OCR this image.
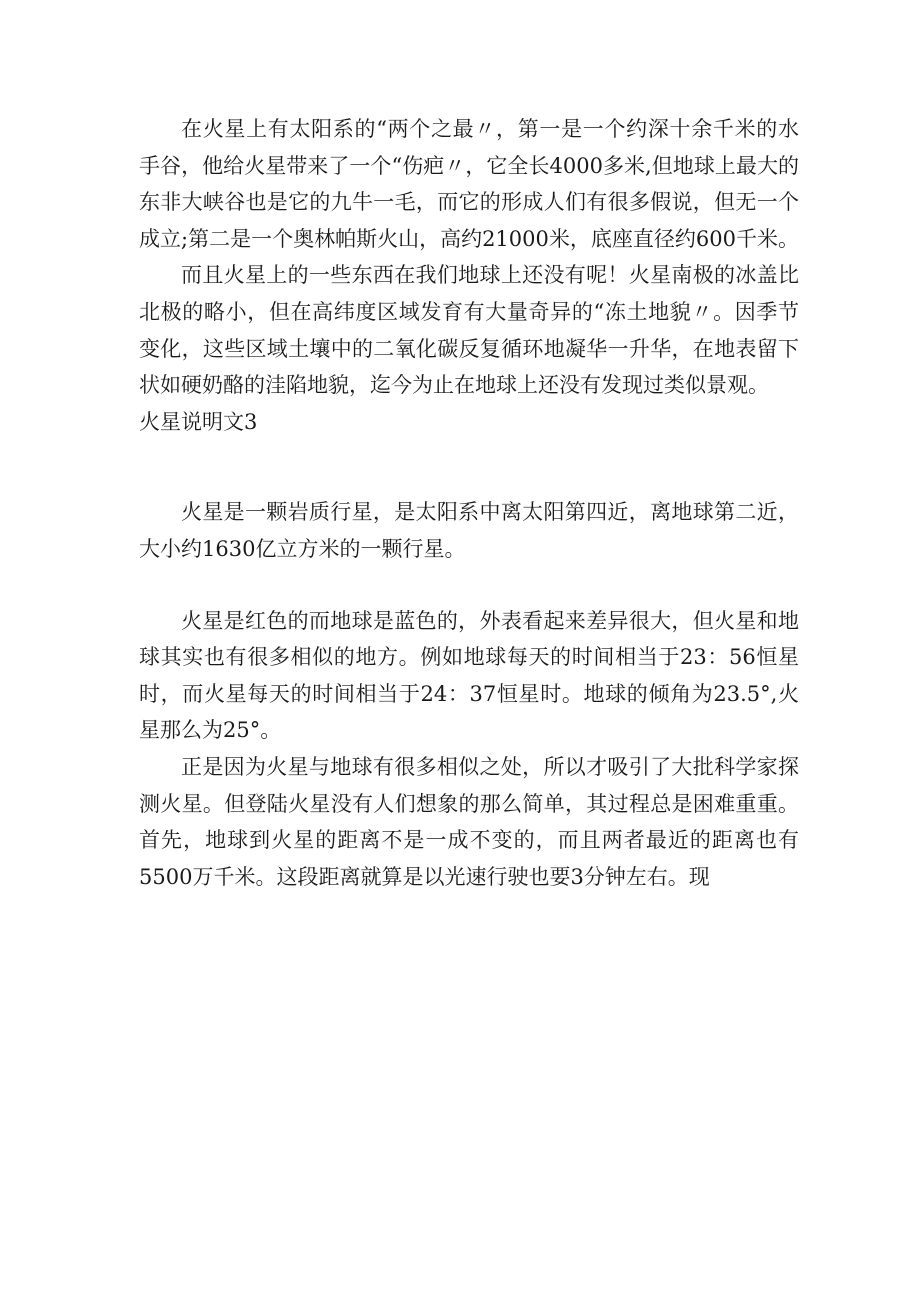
在火星上有太阳系的“两个之最〃，第一是一个约深十余千米的水手谷，他给火星带来了一个“伤疤〃，它全长4000多米,但地球上最大的东非大峡谷也是它的九牛一毛，而它的形成人们有很多假说，但无一个成立;第二是一个奥林帕斯火山，高约21000米，底座直径约600千米。

而且火星上的一些东西在我们地球上还没有呢！火星南极的冰盖比北极的略小，但在高纬度区域发育有大量奇异的“冻土地貌〃。因季节变化，这些区域土壤中的二氧化碳反复循环地凝华一升华，在地表留下状如硬奶酪的洼陷地貌，迄今为止在地球上还没有发现过类似景观。

火星说明文3

火星是一颗岩质行星，是太阳系中离太阳第四近，离地球第二近，大小约1630亿立方米的一颗行星。

火星是红色的而地球是蓝色的，外表看起来差异很大，但火星和地球其实也有很多相似的地方。例如地球每天的时间相当于23：56恒星时，而火星每天的时间相当于24：37恒星时。地球的倾角为23.5°,火星那么为25°。

正是因为火星与地球有很多相似之处，所以才吸引了大批科学家探测火星。但登陆火星没有人们想象的那么简单，其过程总是困难重重。首先，地球到火星的距离不是一成不变的，而且两者最近的距离也有5500万千米。这段距离就算是以光速行驶也要3分钟左右。现
